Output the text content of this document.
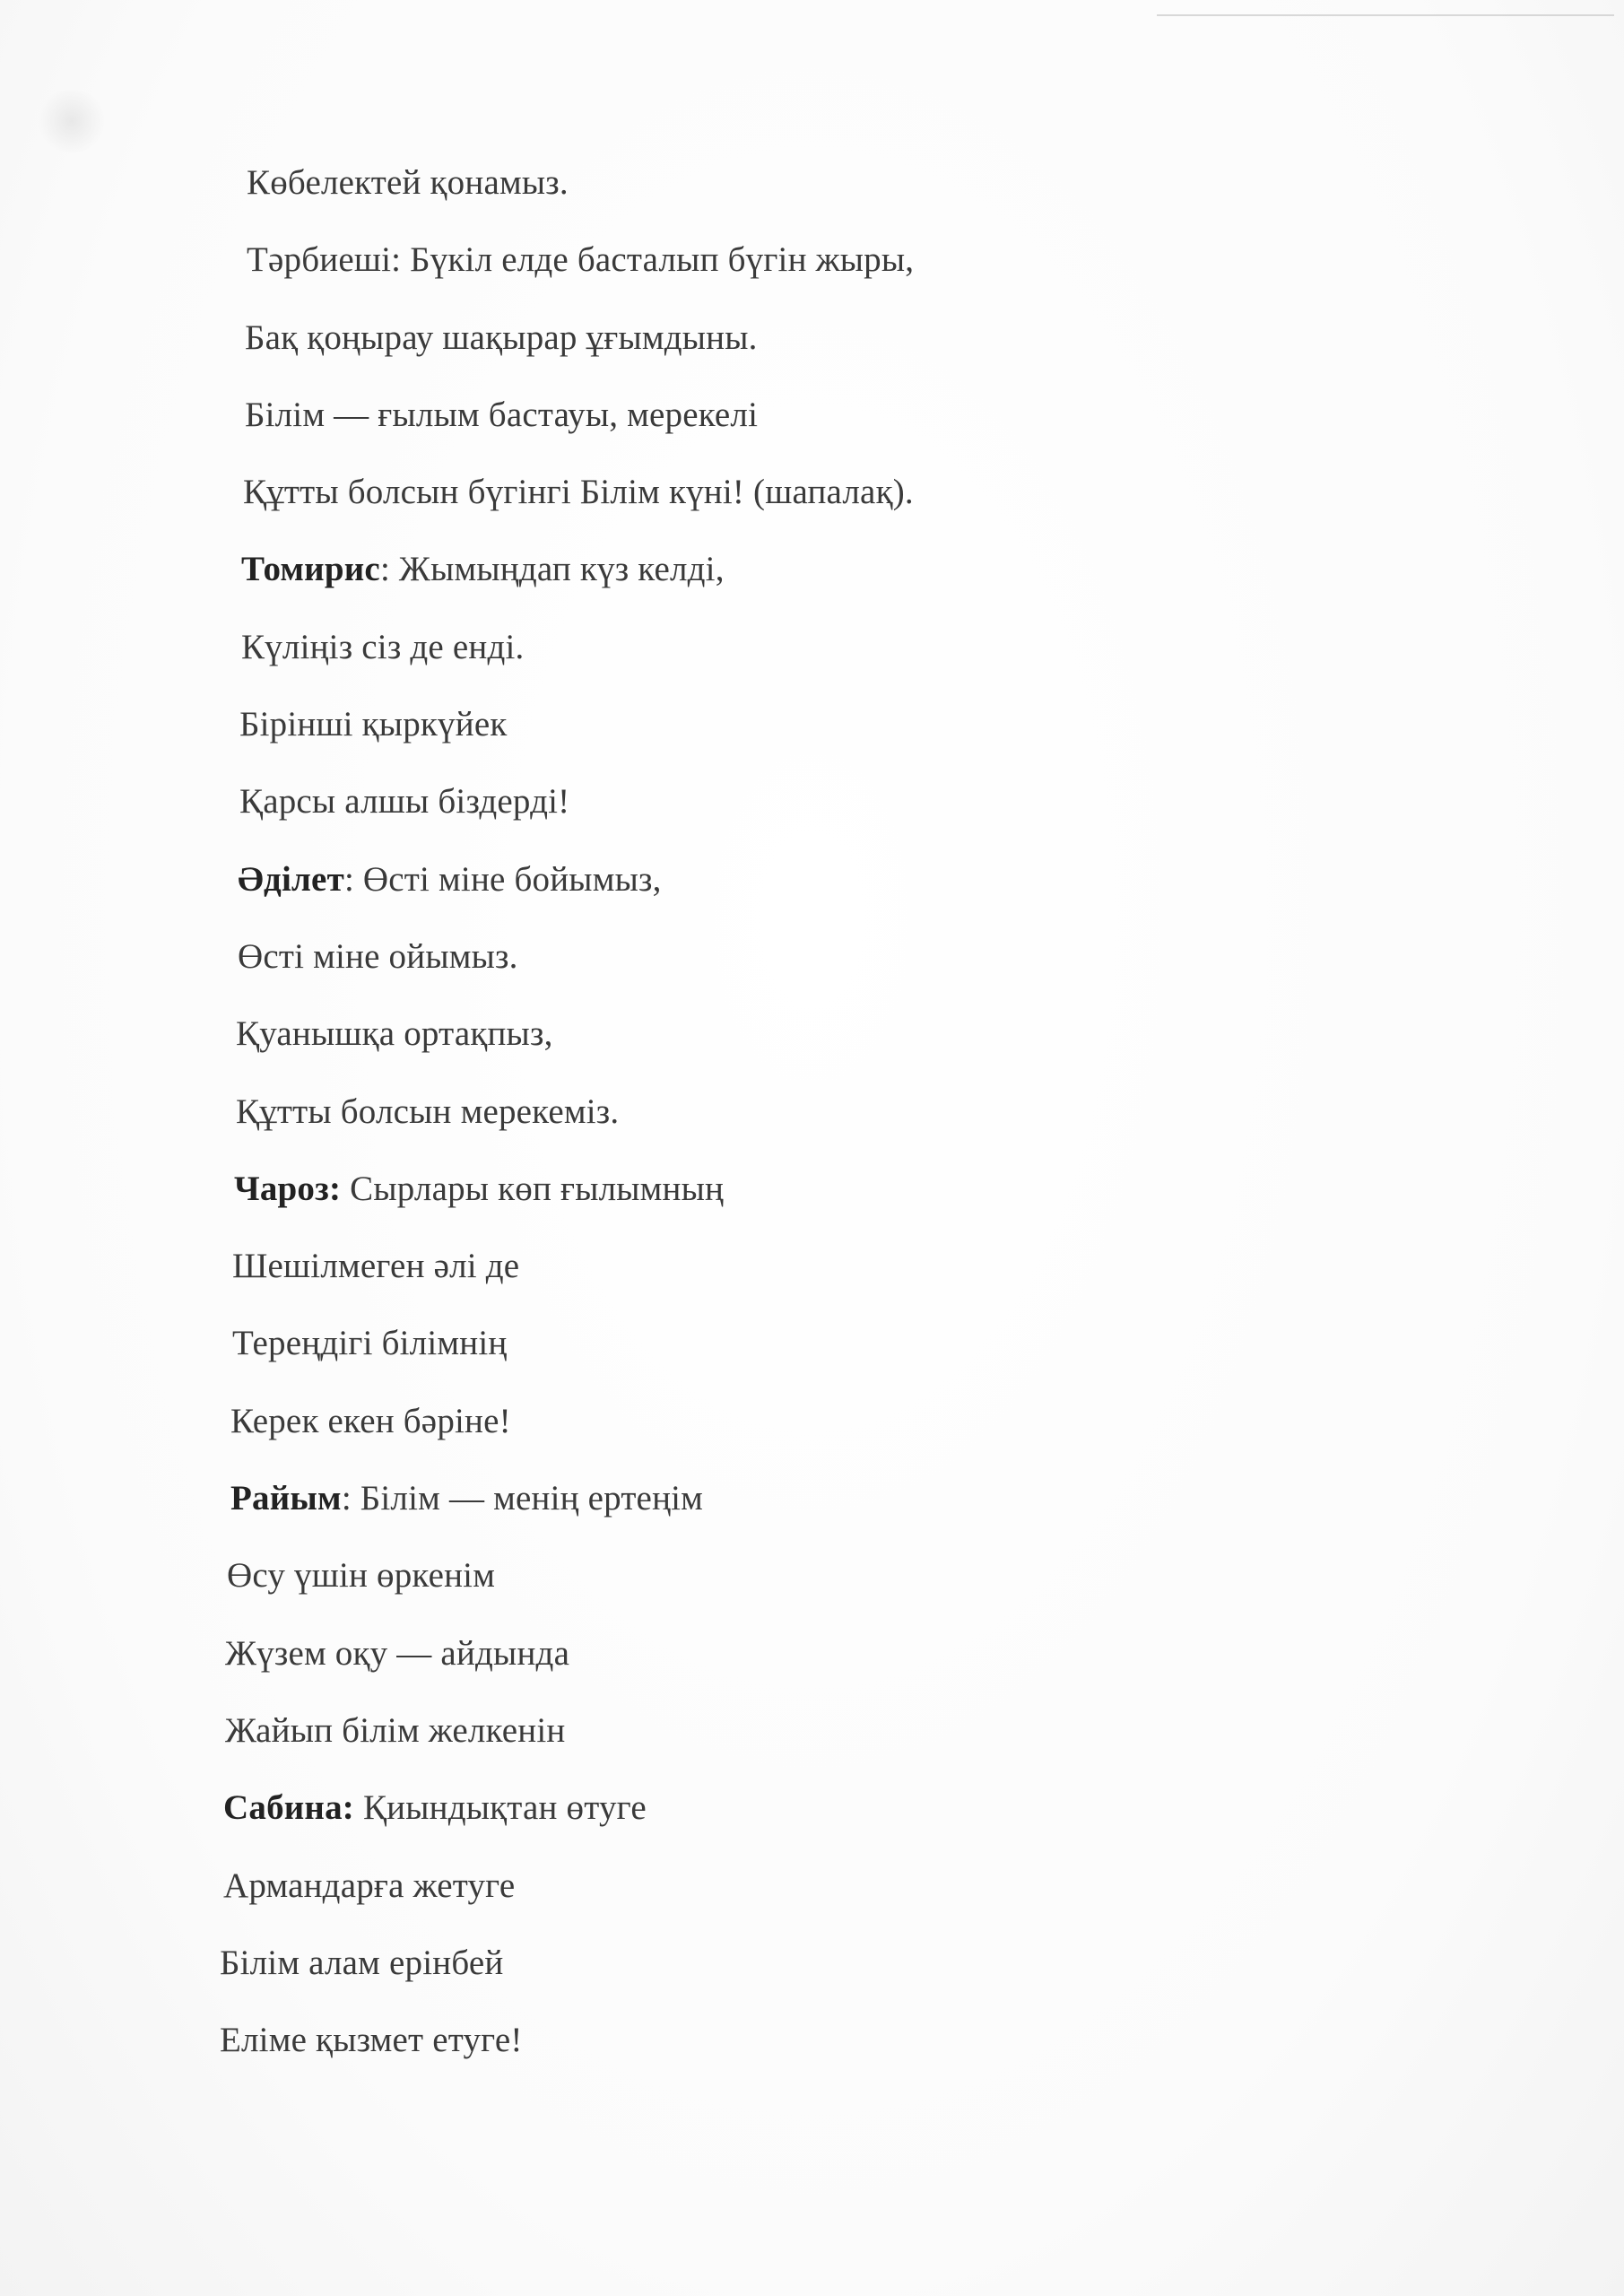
Көбелектей қонамыз.
Тәрбиеші: Бүкіл елде басталып бүгін жыры,
Бақ қоңырау шақырар ұғымдыны.
Білім — ғылым бастауы, мерекелі
Құтты болсын бүгінгі Білім күні! (шапалақ).
Томирис: Жымыңдап күз келді,
Күліңіз сіз де енді.
Бірінші қыркүйек
Қарсы алшы біздерді!
Әділет: Өсті міне бойымыз,
Өсті міне ойымыз.
Қуанышқа ортақпыз,
Құтты болсын мерекеміз.
Чароз: Сырлары көп ғылымның
Шешілмеген әлі де
Тереңдігі білімнің
Керек екен бәріне!
Райым: Білім — менің ертеңім
Өсу үшін өркенім
Жүзем оқу — айдында
Жайып білім желкенін
Сабина: Қиындықтан өтуге
Армандарға жетуге
Білім алам ерінбей
Еліме қызмет етуге!
